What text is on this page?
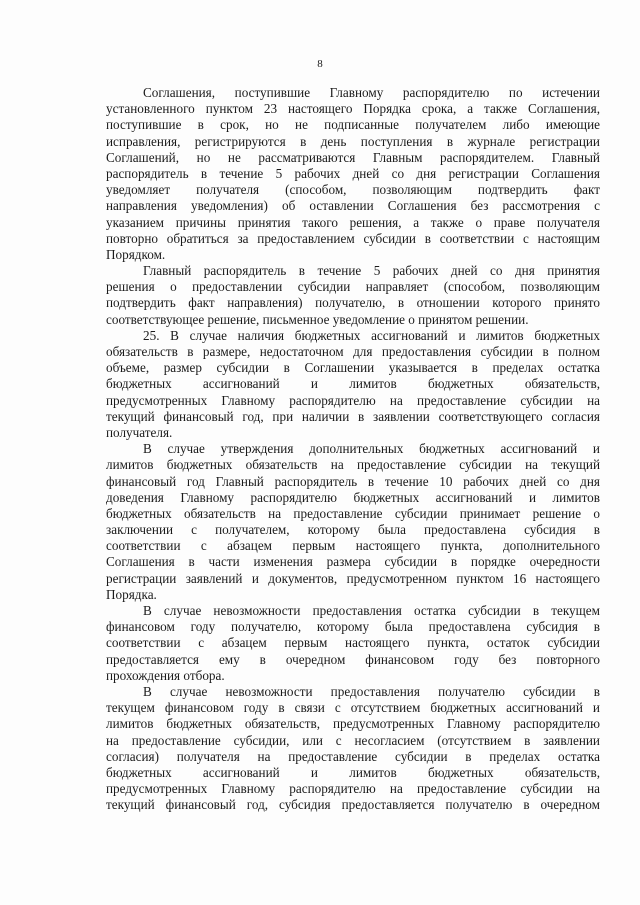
8
Соглашения, поступившие Главному распорядителю по истечении
установленного пунктом 23 настоящего Порядка срока, а также Соглашения,
поступившие в срок, но не подписанные получателем либо имеющие
исправления, регистрируются в день поступления в журнале регистрации
Соглашений, но не рассматриваются Главным распорядителем. Главный
распорядитель в течение 5 рабочих дней со дня регистрации Соглашения
уведомляет получателя (способом, позволяющим подтвердить факт
направления уведомления) об оставлении Соглашения без рассмотрения с
указанием причины принятия такого решения, а также о праве получателя
повторно обратиться за предоставлением субсидии в соответствии с настоящим
Порядком.
Главный распорядитель в течение 5 рабочих дней со дня принятия
решения о предоставлении субсидии направляет (способом, позволяющим
подтвердить факт направления) получателю, в отношении которого принято
соответствующее решение, письменное уведомление о принятом решении.
25. В случае наличия бюджетных ассигнований и лимитов бюджетных
обязательств в размере, недостаточном для предоставления субсидии в полном
объеме, размер субсидии в Соглашении указывается в пределах остатка
бюджетных ассигнований и лимитов бюджетных обязательств,
предусмотренных Главному распорядителю на предоставление субсидии на
текущий финансовый год, при наличии в заявлении соответствующего согласия
получателя.
В случае утверждения дополнительных бюджетных ассигнований и
лимитов бюджетных обязательств на предоставление субсидии на текущий
финансовый год Главный распорядитель в течение 10 рабочих дней со дня
доведения Главному распорядителю бюджетных ассигнований и лимитов
бюджетных обязательств на предоставление субсидии принимает решение о
заключении с получателем, которому была предоставлена субсидия в
соответствии с абзацем первым настоящего пункта, дополнительного
Соглашения в части изменения размера субсидии в порядке очередности
регистрации заявлений и документов, предусмотренном пунктом 16 настоящего
Порядка.
В случае невозможности предоставления остатка субсидии в текущем
финансовом году получателю, которому была предоставлена субсидия в
соответствии с абзацем первым настоящего пункта, остаток субсидии
предоставляется ему в очередном финансовом году без повторного
прохождения отбора.
В случае невозможности предоставления получателю субсидии в
текущем финансовом году в связи с отсутствием бюджетных ассигнований и
лимитов бюджетных обязательств, предусмотренных Главному распорядителю
на предоставление субсидии, или с несогласием (отсутствием в заявлении
согласия) получателя на предоставление субсидии в пределах остатка
бюджетных ассигнований и лимитов бюджетных обязательств,
предусмотренных Главному распорядителю на предоставление субсидии на
текущий финансовый год, субсидия предоставляется получателю в очередном
